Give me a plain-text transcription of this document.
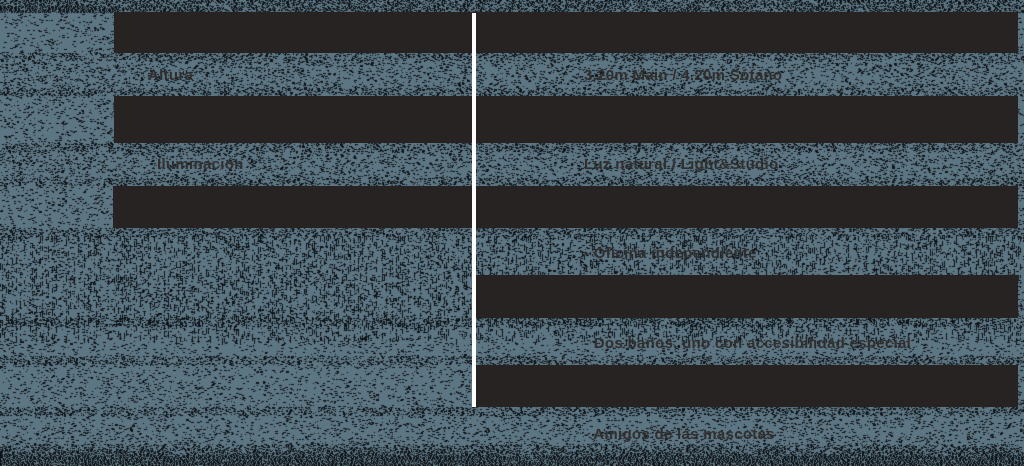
Altura	3.20m Main / 4.20m Sótano
Iluminación	Luz natural / Light&Studio
- Oficina independiente
- Dos baños, uno con accesibilidad especial
- Amigos de las mascotas
